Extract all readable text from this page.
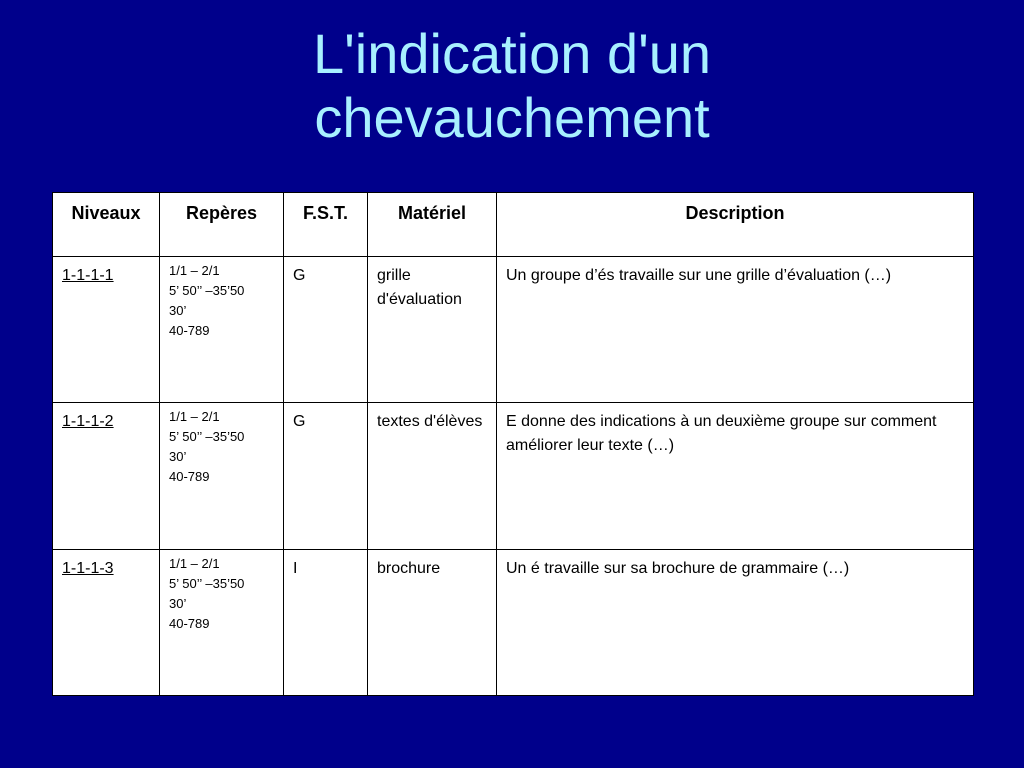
L'indication d'un
chevauchement
Niveaux	Repères	F.S.T.	Matériel	Description

1-1-1-1	1/1 – 2/1
5’ 50’’ –35’50
30’
40-789	G	grille d'évaluation	Un groupe d’és travaille sur une grille d’évaluation (…)

1-1-1-2	1/1 – 2/1
5’ 50’’ –35’50
30’
40-789	G	textes d'élèves	E donne des indications à un deuxième groupe sur comment améliorer leur texte (…)

1-1-1-3	1/1 – 2/1
5’ 50’’ –35’50
30’
40-789	I	brochure	Un é travaille sur sa brochure de grammaire (…)
